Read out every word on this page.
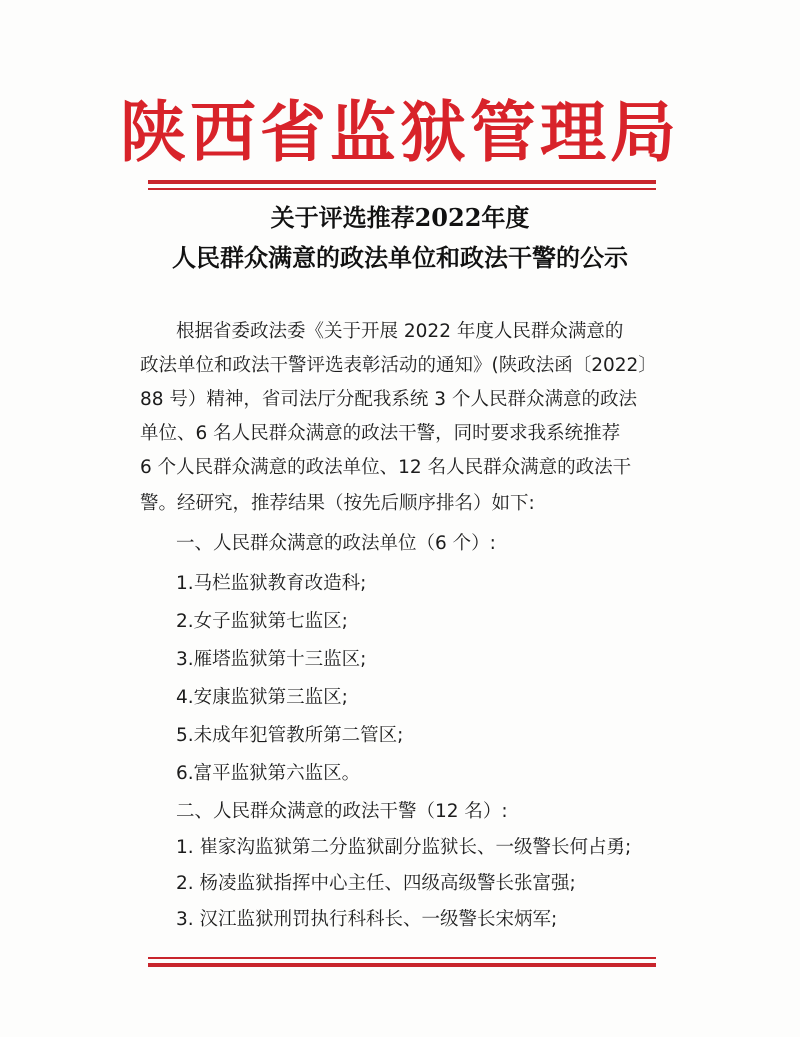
陕西省监狱管理局
关于评选推荐2022年度
人民群众满意的政法单位和政法干警的公示
根据省委政法委《关于开展 2022 年度人民群众满意的
政法单位和政法干警评选表彰活动的通知》(陕政法函〔2022〕
88 号）精神，省司法厅分配我系统 3 个人民群众满意的政法
单位、6 名人民群众满意的政法干警，同时要求我系统推荐
6 个人民群众满意的政法单位、12 名人民群众满意的政法干
警。经研究，推荐结果（按先后顺序排名）如下:
一、人民群众满意的政法单位（6 个）:
1.马栏监狱教育改造科;
2.女子监狱第七监区;
3.雁塔监狱第十三监区;
4.安康监狱第三监区;
5.未成年犯管教所第二管区;
6.富平监狱第六监区。
二、人民群众满意的政法干警（12 名）:
1. 崔家沟监狱第二分监狱副分监狱长、一级警长何占勇;
2. 杨凌监狱指挥中心主任、四级高级警长张富强;
3. 汉江监狱刑罚执行科科长、一级警长宋炳军;
